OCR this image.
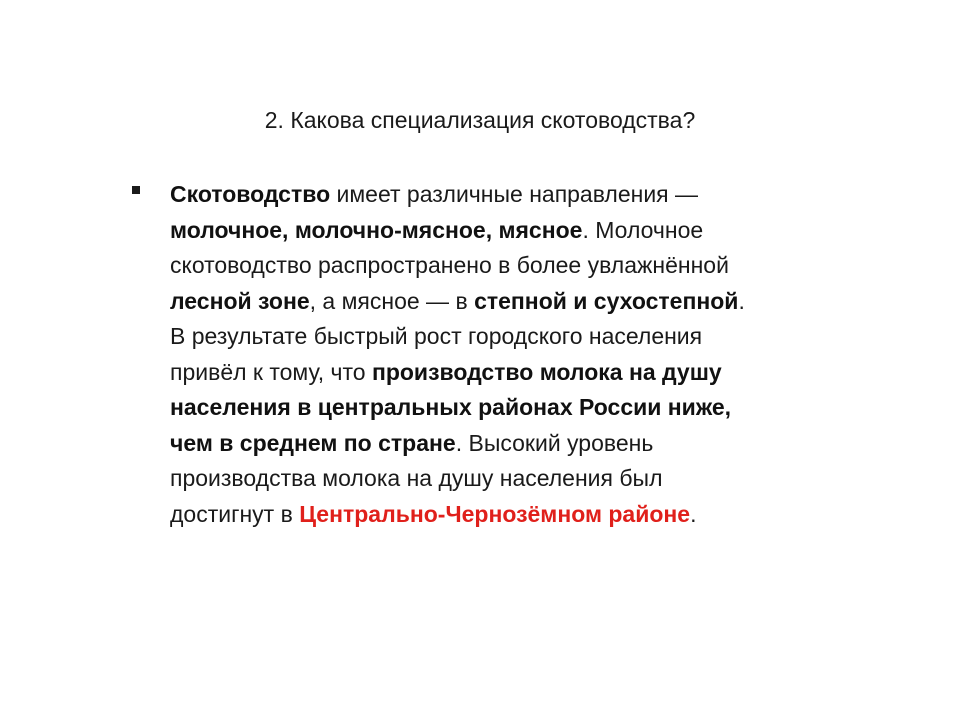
2. Какова специализация скотоводства?
Скотоводство имеет различные направления —
молочное, молочно-мясное, мясное. Молочное
скотоводство распространено в более увлажнённой
лесной зоне, а мясное — в степной и сухостепной.
В результате быстрый рост городского населения
привёл к тому, что производство молока на душу
населения в центральных районах России ниже,
чем в среднем по стране. Высокий уровень
производства молока на душу населения был
достигнут в Центрально-Чернозёмном районе.
